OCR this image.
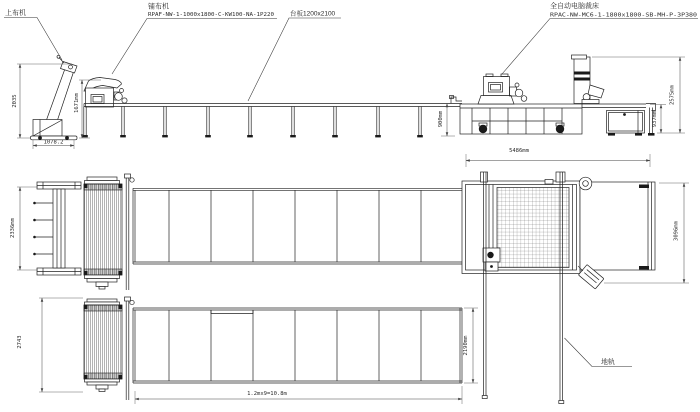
2035
1078.2
1671mm
900mm	937mm
2575mm
5486mm
2336mm	3096mm
2743	2190mm
1.2mx9=10.8m
地轨
上布机
铺布机
RPAF-NW-1-1000x1800-C-KW100-NA-1P220 台板1200x2100
全自动电脑裁床
RPAC-NW-MC6-1-1800x1800-SB-MH-P-3P380
